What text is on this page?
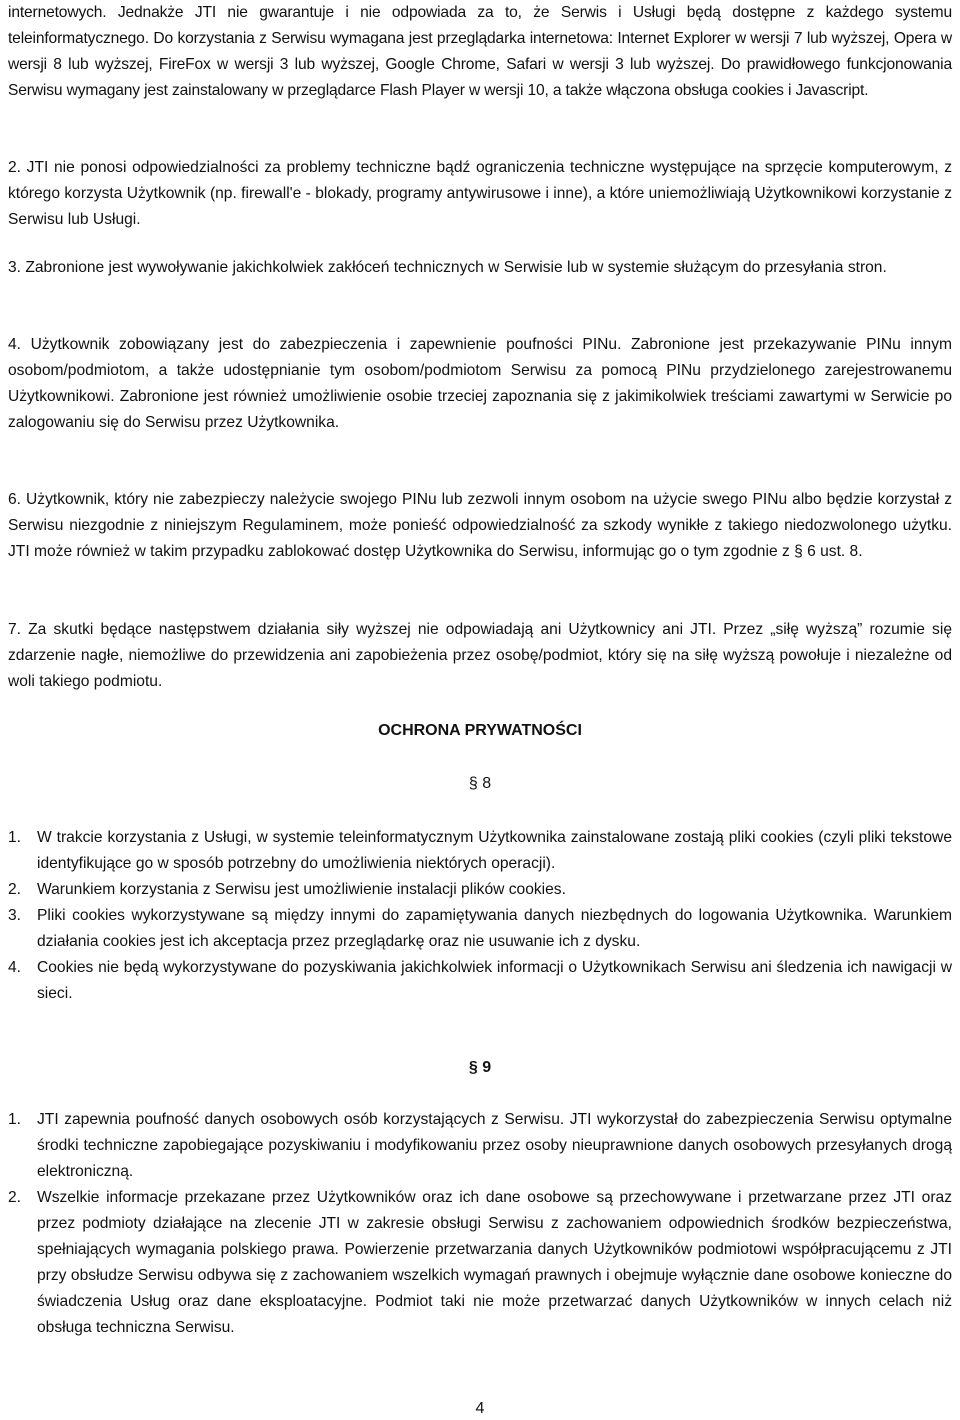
internetowych. Jednakże JTI nie gwarantuje i nie odpowiada za to, że Serwis i Usługi będą dostępne z każdego systemu teleinformatycznego. Do korzystania z Serwisu wymagana jest przeglądarka internetowa: Internet Explorer w wersji 7 lub wyższej, Opera w wersji 8 lub wyższej, FireFox w wersji 3 lub wyższej, Google Chrome, Safari w wersji 3 lub wyższej. Do prawidłowego funkcjonowania Serwisu wymagany jest zainstalowany w przeglądarce Flash Player w wersji 10, a także włączona obsługa cookies i Javascript.

2. JTI nie ponosi odpowiedzialności za problemy techniczne bądź ograniczenia techniczne występujące na sprzęcie komputerowym, z którego korzysta Użytkownik (np. firewall'e - blokady, programy antywirusowe i inne), a które uniemożliwiają Użytkownikowi korzystanie z Serwisu lub Usługi.

3. Zabronione jest wywoływanie jakichkolwiek zakłóceń technicznych w Serwisie lub w systemie służącym do przesyłania stron.

4. Użytkownik zobowiązany jest do zabezpieczenia i zapewnienie poufności PINu. Zabronione jest przekazywanie PINu innym osobom/podmiotom, a także udostępnianie tym osobom/podmiotom Serwisu za pomocą PINu przydzielonego zarejestrowanemu Użytkownikowi. Zabronione jest również umożliwienie osobie trzeciej zapoznania się z jakimikolwiek treściami zawartymi w Serwicie po zalogowaniu się do Serwisu przez Użytkownika.

6. Użytkownik, który nie zabezpieczy należycie swojego PINu lub zezwoli innym osobom na użycie swego PINu albo będzie korzystał z Serwisu niezgodnie z niniejszym Regulaminem, może ponieść odpowiedzialność za szkody wynikłe z takiego niedozwolonego użytku. JTI może również w takim przypadku zablokować dostęp Użytkownika do Serwisu, informując go o tym zgodnie z § 6 ust. 8.

7. Za skutki będące następstwem działania siły wyższej nie odpowiadają ani Użytkownicy ani JTI. Przez „siłę wyższą” rozumie się zdarzenie nagłe, niemożliwe do przewidzenia ani zapobieżenia przez osobę/podmiot, który się na siłę wyższą powołuje i niezależne od woli takiego podmiotu.

OCHRONA PRYWATNOŚCI
§ 8
1. W trakcie korzystania z Usługi, w systemie teleinformatycznym Użytkownika zainstalowane zostają pliki cookies (czyli pliki tekstowe identyfikujące go w sposób potrzebny do umożliwienia niektórych operacji).
2. Warunkiem korzystania z Serwisu jest umożliwienie instalacji plików cookies.
3. Pliki cookies wykorzystywane są między innymi do zapamiętywania danych niezbędnych do logowania Użytkownika. Warunkiem działania cookies jest ich akceptacja przez przeglądarkę oraz nie usuwanie ich z dysku.
4. Cookies nie będą wykorzystywane do pozyskiwania jakichkolwiek informacji o Użytkownikach Serwisu ani śledzenia ich nawigacji w sieci.
§ 9
1. JTI zapewnia poufność danych osobowych osób korzystających z Serwisu. JTI wykorzystał do zabezpieczenia Serwisu optymalne środki techniczne zapobiegające pozyskiwaniu i modyfikowaniu przez osoby nieuprawnione danych osobowych przesyłanych drogą elektroniczną.
2. Wszelkie informacje przekazane przez Użytkowników oraz ich dane osobowe są przechowywane i przetwarzane przez JTI oraz przez podmioty działające na zlecenie JTI w zakresie obsługi Serwisu z zachowaniem odpowiednich środków bezpieczeństwa, spełniających wymagania polskiego prawa. Powierzenie przetwarzania danych Użytkowników podmiotowi współpracującemu z JTI przy obsłudze Serwisu odbywa się z zachowaniem wszelkich wymagań prawnych i obejmuje wyłącznie dane osobowe konieczne do świadczenia Usług oraz dane eksploatacyjne. Podmiot taki nie może przetwarzać danych Użytkowników w innych celach niż obsługa techniczna Serwisu.
4
